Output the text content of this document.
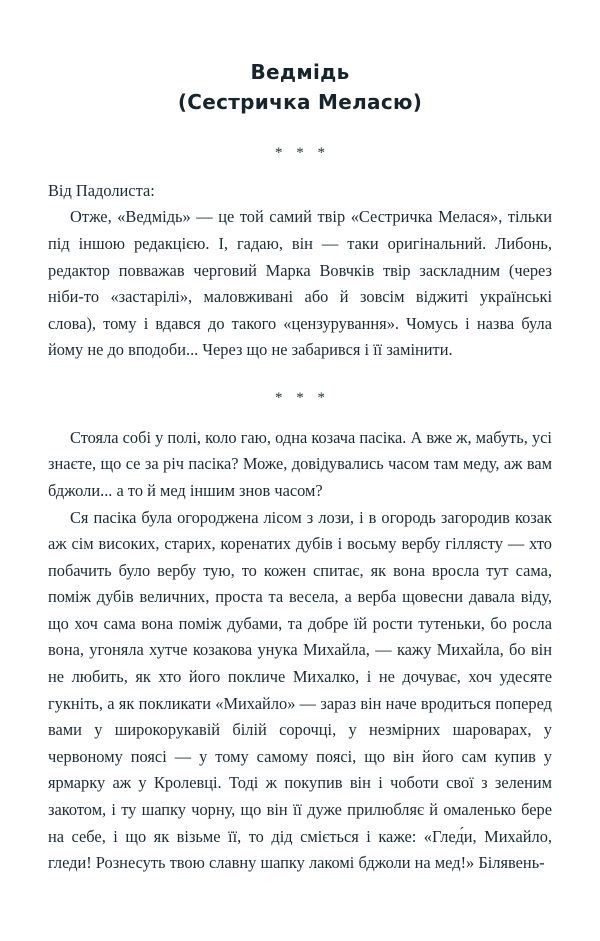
Ведмідь
(Сестричка Меласю)
* * *

Від Падолиста:

Отже, «Ведмідь» — це той самий твір «Сестричка Мелася», тільки під іншою редакцією. І, гадаю, він — таки оригінальний. Либонь, редактор повважав черговий Марка Вовчків твір заскладним (через ніби-то «застарілі», маловживані або й зовсім віджиті українські слова), тому і вдався до такого «цензурування». Чомусь і назва була йому не до вподоби... Через що не забарився і її замінити.

* * *

Стояла собі у полі, коло гаю, одна козача пасіка. А вже ж, мабуть, усі знаєте, що се за річ пасіка? Може, довідувались часом там меду, аж вам бджоли... а то й мед іншим знов часом?

Ся пасіка була огороджена лісом з лози, і в огородь загородив козак аж сім високих, старих, коренатих дубів і восьму вербу гіллясту — хто побачить було вербу тую, то кожен спитає, як вона вросла тут сама, поміж дубів величних, проста та весела, а верба щовесни давала віду, що хоч сама вона поміж дубами, та добре їй рости тутеньки, бо росла вона, угоняла хутче козакова унука Михайла, — кажу Михайла, бо він не любить, як хто його покличе Михалко, і не дочуває, хоч удесяте гукніть, а як покликати «Михайло» — зараз він наче вродиться поперед вами у широкорукавій білій сорочці, у незмірних шароварах, у червоному поясі — у тому самому поясі, що він його сам купив у ярмарку аж у Кролевці. Тоді ж покупив він і чоботи свої з зеленим закотом, і ту шапку чорну, що він її дуже прилюбляє й омаленько бере на себе, і що як візьме її, то дід сміється і каже: «Глед́и, Михайло, гледи! Рознесуть твою славну шапку лакомі бджоли на мед!» Білявень-
